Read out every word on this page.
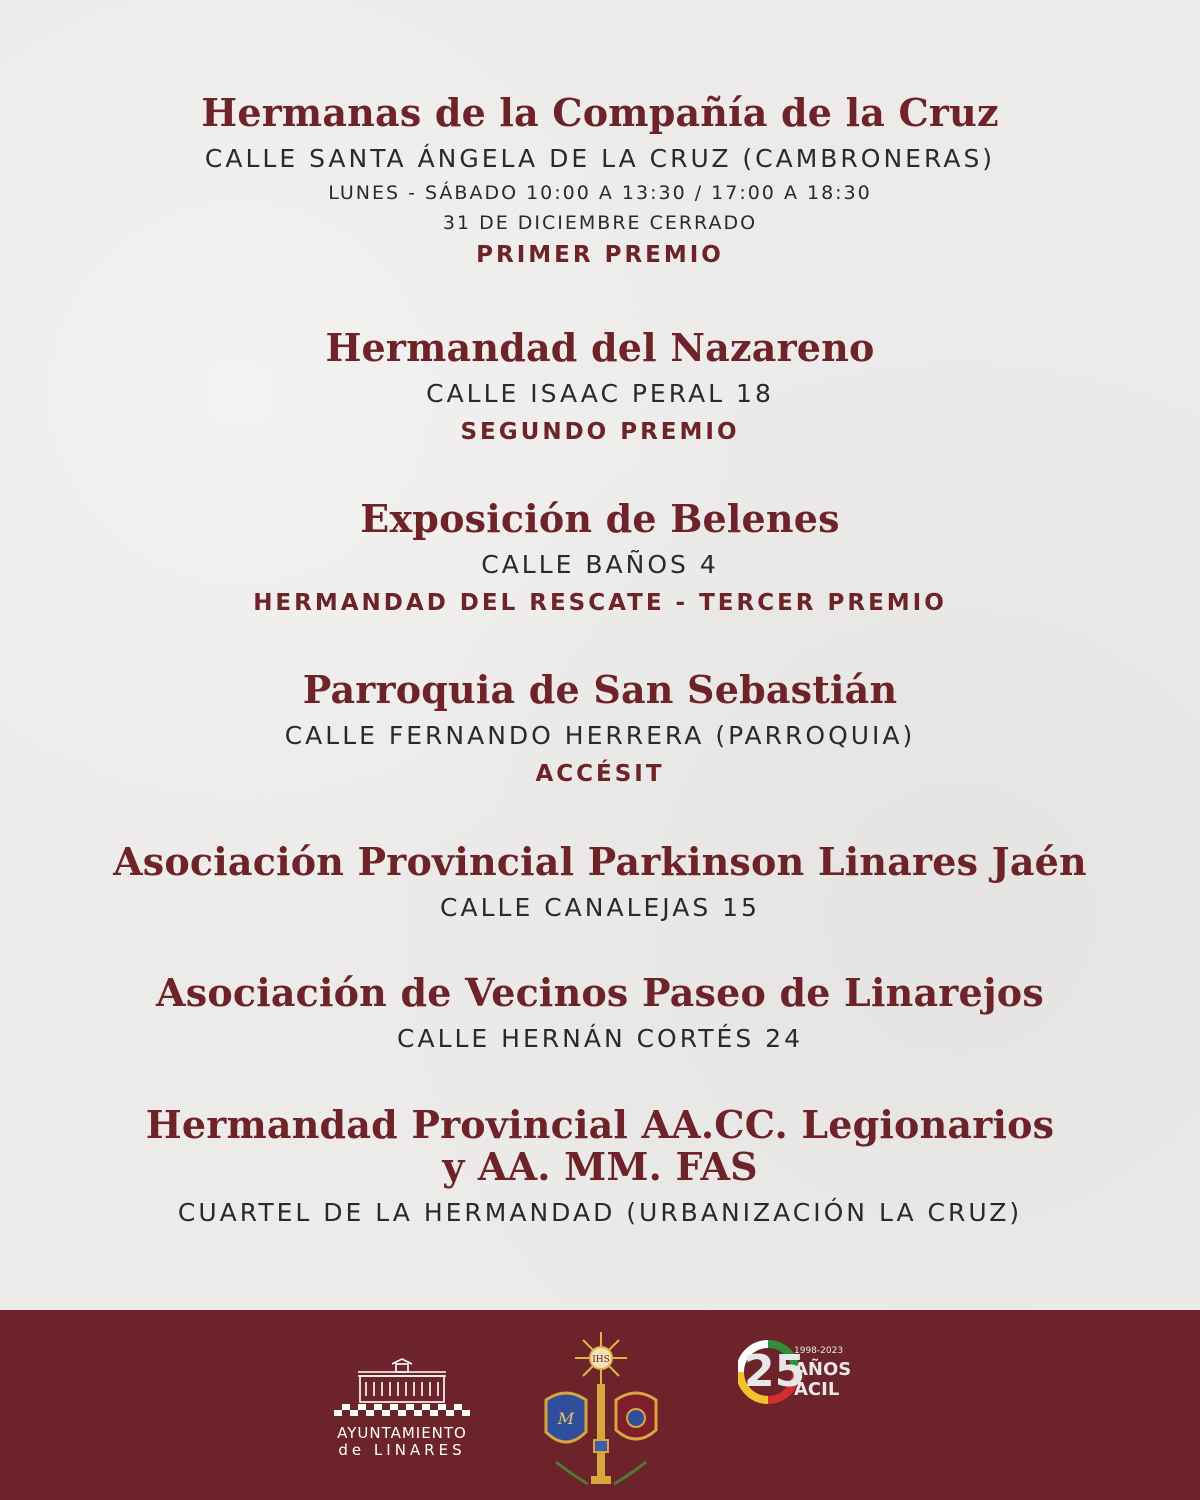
Hermanas de la Compañía de la Cruz
CALLE SANTA ÁNGELA DE LA CRUZ (CAMBRONERAS)
LUNES - SÁBADO 10:00 A 13:30 / 17:00 A 18:30
31 DE DICIEMBRE CERRADO
PRIMER PREMIO
Hermandad del Nazareno
CALLE ISAAC PERAL 18
SEGUNDO PREMIO
Exposición de Belenes
CALLE BAÑOS 4
HERMANDAD DEL RESCATE - TERCER PREMIO
Parroquia de San Sebastián
CALLE FERNANDO HERRERA (PARROQUIA)
ACCÉSIT
Asociación Provincial Parkinson Linares Jaén
CALLE CANALEJAS 15
Asociación de Vecinos Paseo de Linarejos
CALLE HERNÁN CORTÉS 24
Hermandad Provincial AA.CC. Legionarios
y AA. MM. FAS
CUARTEL DE LA HERMANDAD (URBANIZACIÓN LA CRUZ)
AYUNTAMIENTO
de LINARES
IHS
M
25
1998-2023
AÑOS
ACIL
